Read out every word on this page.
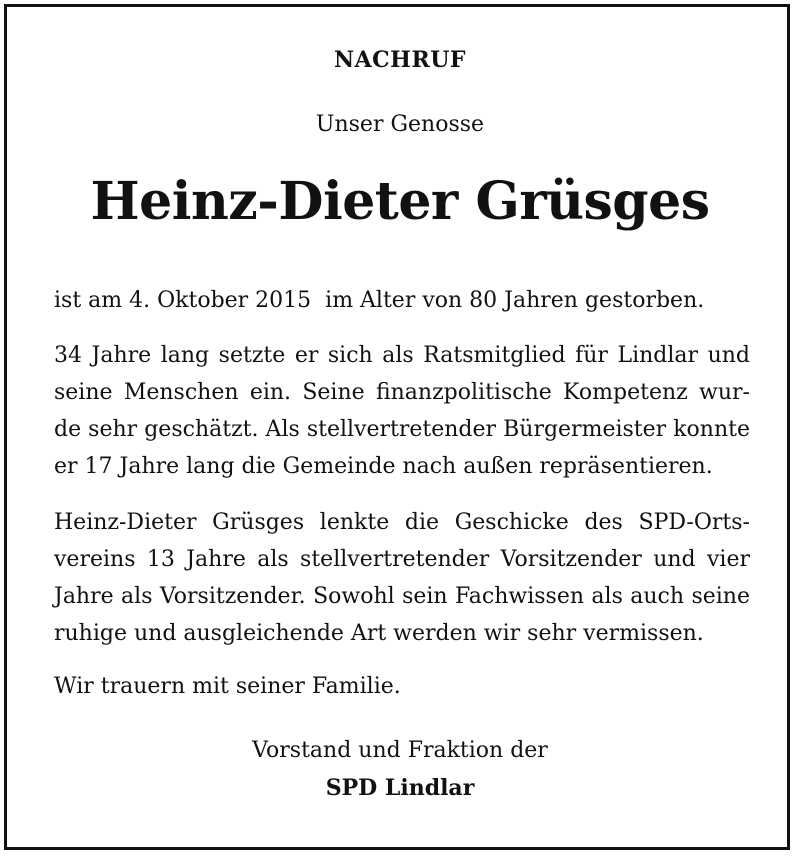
NACHRUF
Unser Genosse
Heinz-Dieter Grüsges
ist am 4. Oktober 2015  im Alter von 80 Jahren gestorben.
34 Jahre lang setzte er sich als Ratsmitglied für Lindlar und
seine Menschen ein. Seine finanzpolitische Kompetenz wur-
de sehr geschätzt. Als stellvertretender Bürgermeister konnte
er 17 Jahre lang die Gemeinde nach außen repräsentieren.
Heinz-Dieter Grüsges lenkte die Geschicke des SPD-Orts-
vereins 13 Jahre als stellvertretender Vorsitzender und vier
Jahre als Vorsitzender. Sowohl sein Fachwissen als auch seine
ruhige und ausgleichende Art werden wir sehr vermissen.
Wir trauern mit seiner Familie.
Vorstand und Fraktion der
SPD Lindlar
